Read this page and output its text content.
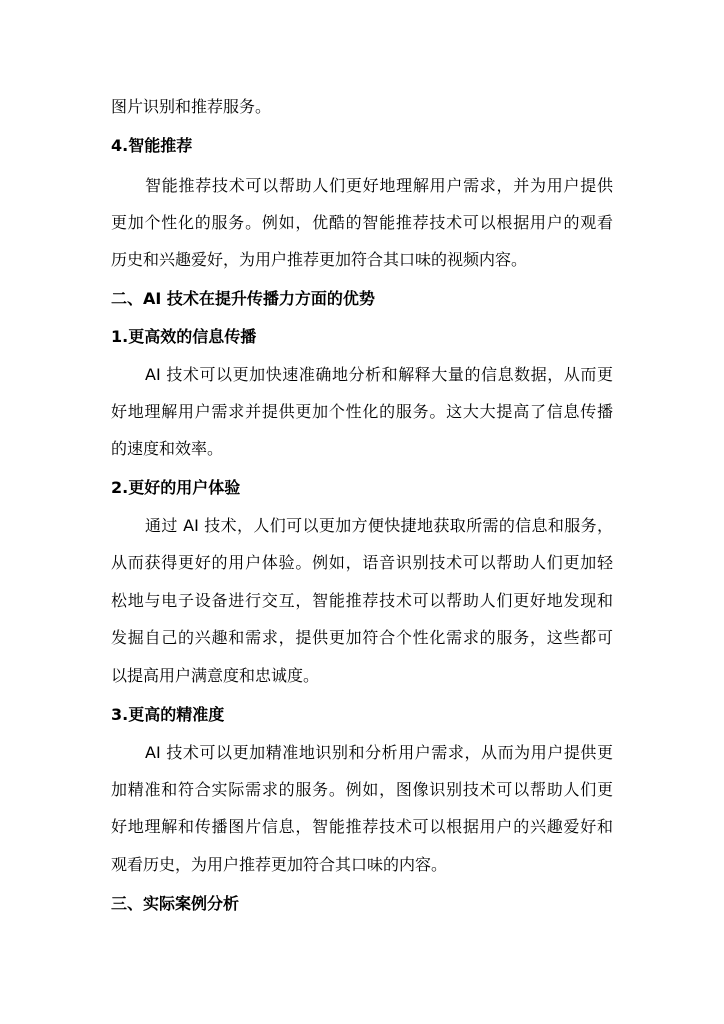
图片识别和推荐服务。
4.智能推荐
智能推荐技术可以帮助人们更好地理解用户需求，并为用户提供
更加个性化的服务。例如，优酷的智能推荐技术可以根据用户的观看
历史和兴趣爱好，为用户推荐更加符合其口味的视频内容。
二、AI 技术在提升传播力方面的优势
1.更高效的信息传播
AI 技术可以更加快速准确地分析和解释大量的信息数据，从而更
好地理解用户需求并提供更加个性化的服务。这大大提高了信息传播
的速度和效率。
2.更好的用户体验
通过 AI 技术，人们可以更加方便快捷地获取所需的信息和服务，
从而获得更好的用户体验。例如，语音识别技术可以帮助人们更加轻
松地与电子设备进行交互，智能推荐技术可以帮助人们更好地发现和
发掘自己的兴趣和需求，提供更加符合个性化需求的服务，这些都可
以提高用户满意度和忠诚度。
3.更高的精准度
AI 技术可以更加精准地识别和分析用户需求，从而为用户提供更
加精准和符合实际需求的服务。例如，图像识别技术可以帮助人们更
好地理解和传播图片信息，智能推荐技术可以根据用户的兴趣爱好和
观看历史，为用户推荐更加符合其口味的内容。
三、实际案例分析
